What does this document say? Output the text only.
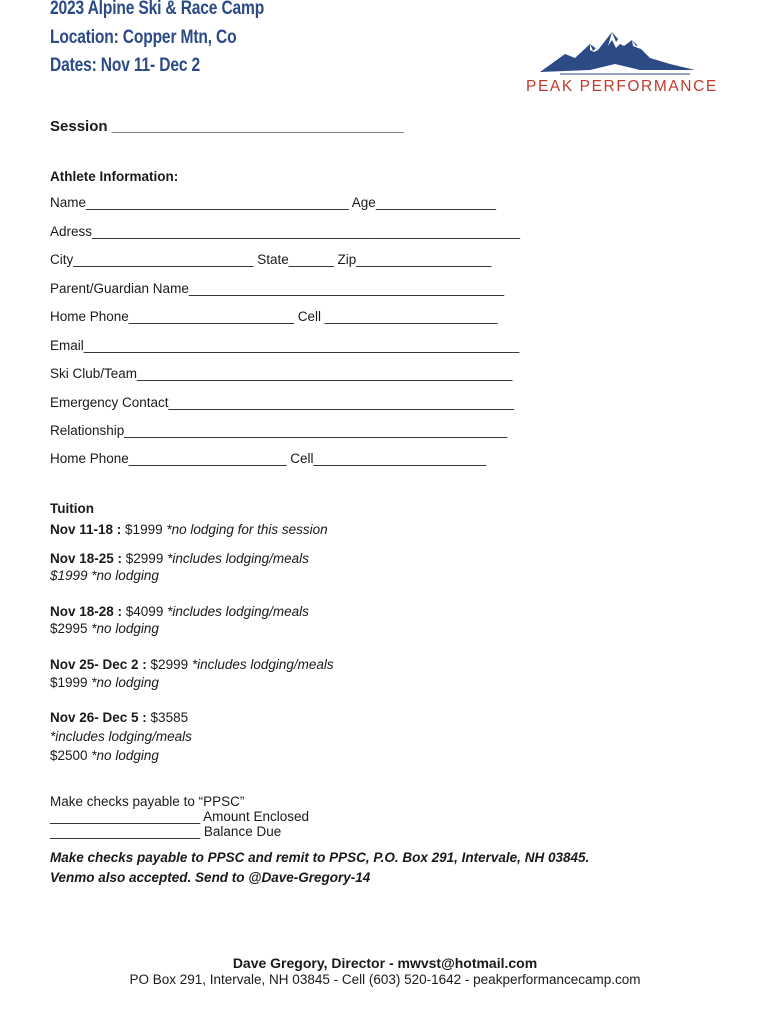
2023 Alpine Ski & Race Camp
Location: Copper Mtn, Co
Dates: Nov 11- Dec 2
PEAK PERFORMANCE
Session ___________________________________
Athlete Information:
Name___________________________________ Age________________
Adress_________________________________________________________
City________________________ State______ Zip__________________
Parent/Guardian Name__________________________________________
Home Phone______________________ Cell _______________________
Email__________________________________________________________
Ski Club/Team__________________________________________________
Emergency Contact______________________________________________
Relationship___________________________________________________
Home Phone_____________________ Cell_______________________
Tuition
Nov 11-18 : $1999 *no lodging for this session
Nov 18-25 : $2999 *includes lodging/meals
$1999 *no lodging
Nov 18-28 : $4099 *includes lodging/meals
$2995 *no lodging
Nov 25- Dec 2 : $2999 *includes lodging/meals
$1999 *no lodging
Nov 26- Dec 5 : $3585
*includes lodging/meals
$2500 *no lodging
Make checks payable to “PPSC”
____________________ Amount Enclosed
____________________ Balance Due
Make checks payable to PPSC and remit to PPSC, P.O. Box 291, Intervale, NH 03845.
Venmo also accepted. Send to @Dave-Gregory-14
Dave Gregory, Director - mwvst@hotmail.com
PO Box 291, Intervale, NH 03845 - Cell (603) 520-1642 - peakperformancecamp.com
